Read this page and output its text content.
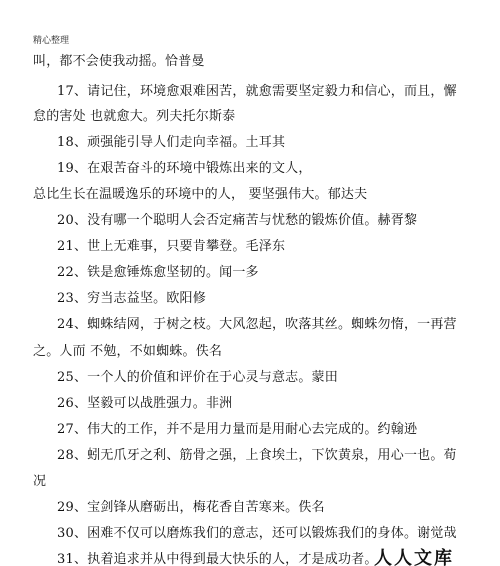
精心整理
叫，都不会使我动摇。恰普曼
17、请记住，环境愈艰难困苦，就愈需要坚定毅力和信心，而且，懈
怠的害处 也就愈大。列夫托尔斯泰
18、顽强能引导人们走向幸福。土耳其
19、在艰苦奋斗的环境中锻炼出来的文人，
总比生长在温暖逸乐的环境中的人， 要坚强伟大。郁达夫
20、没有哪一个聪明人会否定痛苦与忧愁的锻炼价值。赫胥黎
21、世上无难事，只要肯攀登。毛泽东
22、铁是愈锤炼愈坚韧的。闻一多
23、穷当志益坚。欧阳修
24、蜘蛛结网，于树之枝。大风忽起，吹落其丝。蜘蛛勿惰，一再营
之。人而 不勉，不如蜘蛛。佚名
25、一个人的价值和评价在于心灵与意志。蒙田
26、坚毅可以战胜强力。非洲
27、伟大的工作，并不是用力量而是用耐心去完成的。约翰逊
28、蚓无爪牙之利、筋骨之强，上食埃土，下饮黄泉，用心一也。荀
况
29、宝剑锋从磨砺出，梅花香自苦寒来。佚名
30、困难不仅可以磨炼我们的意志，还可以锻炼我们的身体。谢觉哉
31、执着追求并从中得到最大快乐的人，才是成功者。
人人文库
